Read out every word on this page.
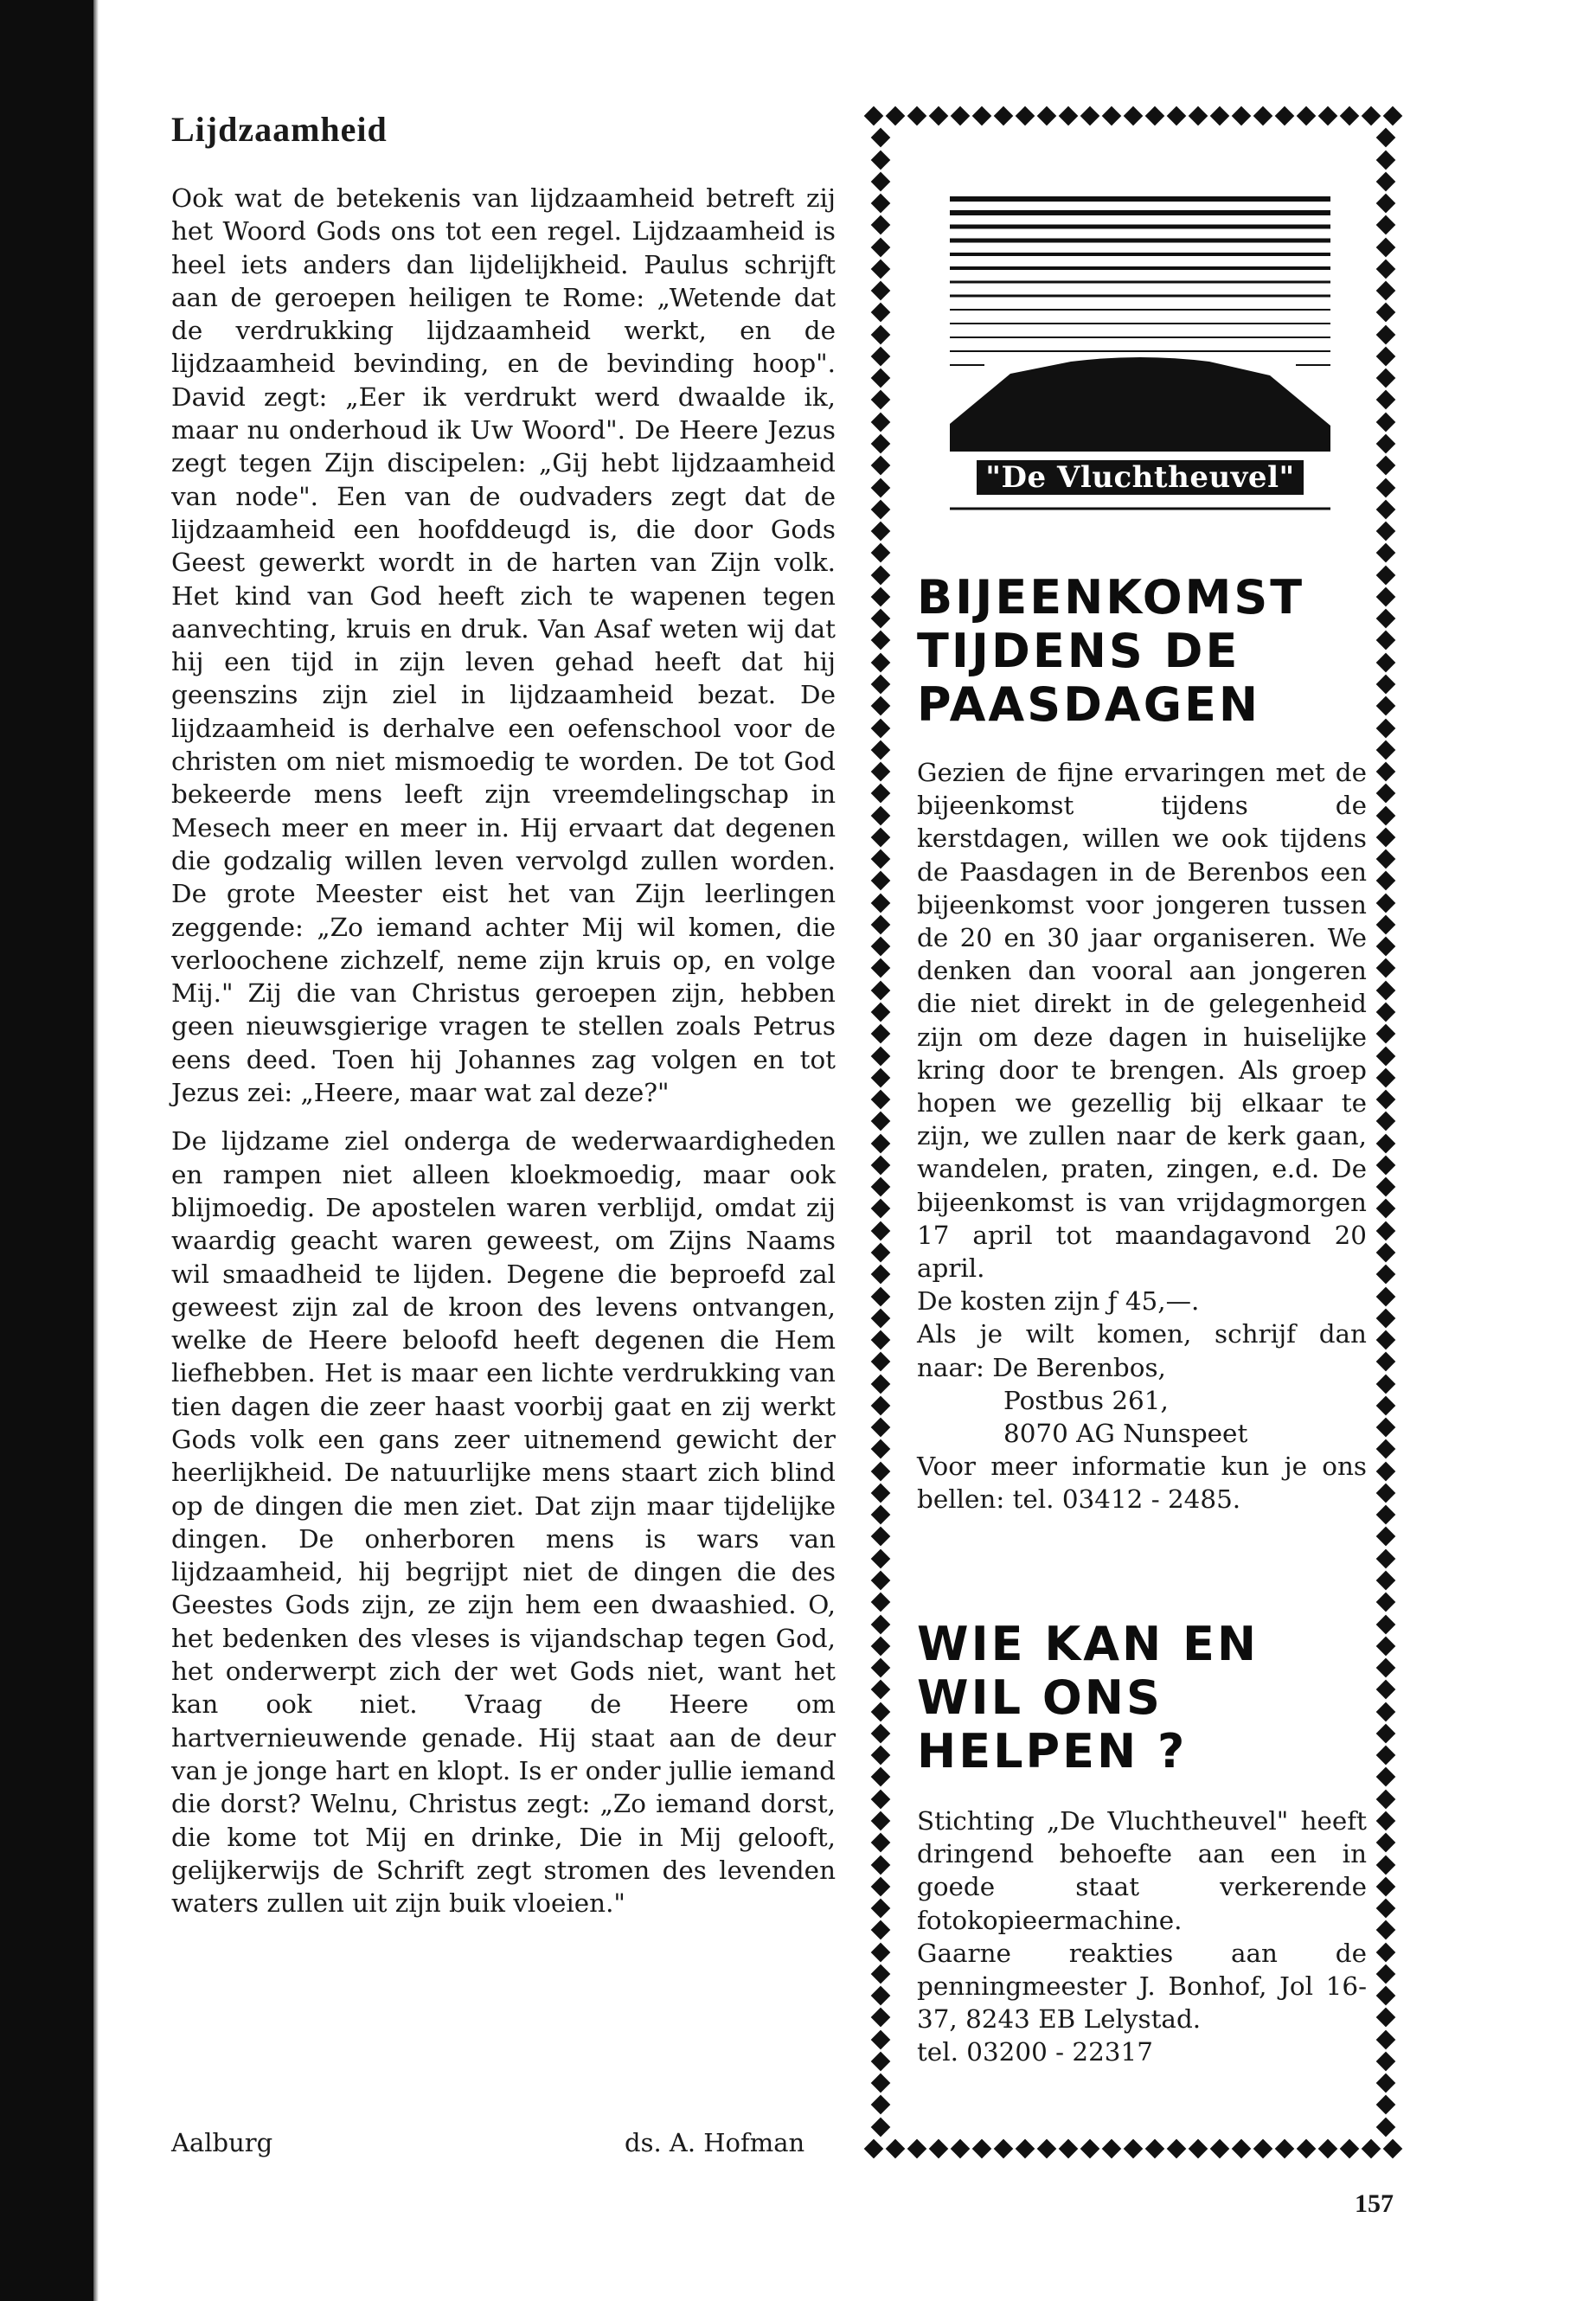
Lijdzaamheid

Ook wat de betekenis van lijdzaamheid betreft zij het Woord Gods ons tot een regel. Lijdzaamheid is heel iets anders dan lijdelijkheid. Paulus schrijft aan de geroepen heiligen te Rome: „Wetende dat de verdrukking lijdzaamheid werkt, en de lijdzaamheid bevinding, en de bevinding hoop". David zegt: „Eer ik verdrukt werd dwaalde ik, maar nu onderhoud ik Uw Woord". De Heere Jezus zegt tegen Zijn discipelen: „Gij hebt lijdzaamheid van node". Een van de oudvaders zegt dat de lijdzaamheid een hoofddeugd is, die door Gods Geest gewerkt wordt in de harten van Zijn volk. Het kind van God heeft zich te wapenen tegen aanvechting, kruis en druk. Van Asaf weten wij dat hij een tijd in zijn leven gehad heeft dat hij geenszins zijn ziel in lijdzaamheid bezat. De lijdzaamheid is derhalve een oefenschool voor de christen om niet mismoedig te worden. De tot God bekeerde mens leeft zijn vreemdelingschap in Mesech meer en meer in. Hij ervaart dat degenen die godzalig willen leven vervolgd zullen worden. De grote Meester eist het van Zijn leerlingen zeggende: „Zo iemand achter Mij wil komen, die verloochene zichzelf, neme zijn kruis op, en volge Mij." Zij die van Christus geroepen zijn, hebben geen nieuwsgierige vragen te stellen zoals Petrus eens deed. Toen hij Johannes zag volgen en tot Jezus zei: „Heere, maar wat zal deze?"

De lijdzame ziel onderga de wederwaardigheden en rampen niet alleen kloekmoedig, maar ook blijmoedig. De apostelen waren verblijd, omdat zij waardig geacht waren geweest, om Zijns Naams wil smaadheid te lijden. Degene die beproefd zal geweest zijn zal de kroon des levens ontvangen, welke de Heere beloofd heeft degenen die Hem liefhebben. Het is maar een lichte verdrukking van tien dagen die zeer haast voorbij gaat en zij werkt Gods volk een gans zeer uitnemend gewicht der heerlijkheid. De natuurlijke mens staart zich blind op de dingen die men ziet. Dat zijn maar tijdelijke dingen. De onherboren mens is wars van lijdzaamheid, hij begrijpt niet de dingen die des Geestes Gods zijn, ze zijn hem een dwaashied. O, het bedenken des vleses is vijandschap tegen God, het onderwerpt zich der wet Gods niet, want het kan ook niet. Vraag de Heere om hartvernieuwende genade. Hij staat aan de deur van je jonge hart en klopt. Is er onder jullie iemand die dorst? Welnu, Christus zegt: „Zo iemand dorst, die kome tot Mij en drinke, Die in Mij gelooft, gelijkerwijs de Schrift zegt stromen des levenden waters zullen uit zijn buik vloeien."

Aalburg	ds. A. Hofman
"De Vluchtheuvel"
BIJEENKOMST
TIJDENS DE
PAASDAGEN

Gezien de fijne ervaringen met de bijeenkomst tijdens de kerstdagen, willen we ook tijdens de Paasdagen in de Berenbos een bijeenkomst voor jongeren tussen de 20 en 30 jaar organiseren. We denken dan vooral aan jongeren die niet direkt in de gelegenheid zijn om deze dagen in huiselijke kring door te brengen. Als groep hopen we gezellig bij elkaar te zijn, we zullen naar de kerk gaan, wandelen, praten, zingen, e.d. De bijeenkomst is van vrijdagmorgen 17 april tot maandagavond 20 april.

De kosten zijn ƒ 45,—.

Als je wilt komen, schrijf dan naar: De Berenbos,

Postbus 261,

8070 AG Nunspeet

Voor meer informatie kun je ons bellen: tel. 03412 - 2485.

WIE KAN EN
WIL ONS
HELPEN ?

Stichting „De Vluchtheuvel" heeft dringend behoefte aan een in goede staat verkerende fotokopieermachine.

Gaarne reakties aan de penningmeester J. Bonhof, Jol 16-37, 8243 EB Lelystad.

tel. 03200 - 22317

157
